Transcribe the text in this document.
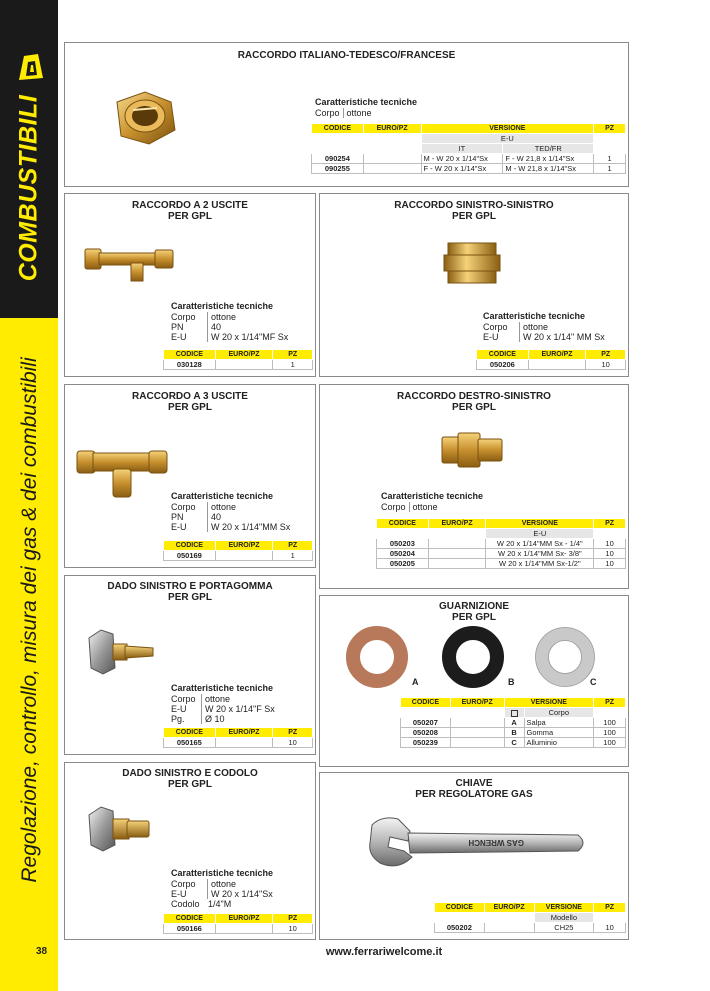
COMBUSTIBILI
Regolazione, controllo, misura dei gas & dei combustibili
38	www.ferrariwelcome.it
RACCORDO ITALIANO-TEDESCO/FRANCESE
Caratteristiche tecniche
Corpo ottone
CODICE	EURO/PZ	VERSIONE		PZ
		E-U		
		IT	TED/FR	
090254		M - W 20 x 1/14"Sx	F - W 21,8 x 1/14"Sx	1
090255		F - W 20 x 1/14"Sx	M - W 21,8 x 1/14"Sx	1
RACCORDO A 2 USCITE
PER GPL
Caratteristiche tecniche
Corpo	ottone
PN	40
E-U	W 20 x 1/14"MF Sx
CODICE	EURO/PZ	PZ
030128		1
RACCORDO SINISTRO-SINISTRO
PER GPL
Caratteristiche tecniche
Corpo	ottone
E-U	W 20 x 1/14" MM Sx
CODICE	EURO/PZ	PZ
050206		10
RACCORDO A 3 USCITE
PER GPL
Caratteristiche tecniche
Corpo	ottone
PN	40
E-U	W 20 x 1/14"MM Sx
CODICE	EURO/PZ	PZ
050169		1
RACCORDO DESTRO-SINISTRO
PER GPL
Caratteristiche tecniche
Corpo ottone
CODICE	EURO/PZ	VERSIONE	PZ
		E-U	
050203		W 20 x 1/14"MM Sx - 1/4"	10
050204		W 20 x 1/14"MM Sx- 3/8"	10
050205		W 20 x 1/14"MM Sx-1/2"	10
DADO SINISTRO E PORTAGOMMA
PER GPL
Caratteristiche tecniche
Corpo	ottone
E-U	W 20 x 1/14"F Sx
Pg.	Ø 10
CODICE	EURO/PZ	PZ
050165		10
GUARNIZIONE
PER GPL
A	B	C
CODICE	EURO/PZ	VERSIONE		PZ
			Corpo	
050207		A	Salpa	100
050208		B	Gomma	100
050239		C	Alluminio	100
DADO SINISTRO E CODOLO
PER GPL
Caratteristiche tecniche
Corpo	ottone
E-U	W 20 x 1/14"Sx
Codolo 1/4"M
CODICE	EURO/PZ	PZ
050166		10
CHIAVE
PER REGOLATORE GAS
GAS WRENCH
CODICE	EURO/PZ	VERSIONE	PZ
		Modello	
050202		CH25	10
